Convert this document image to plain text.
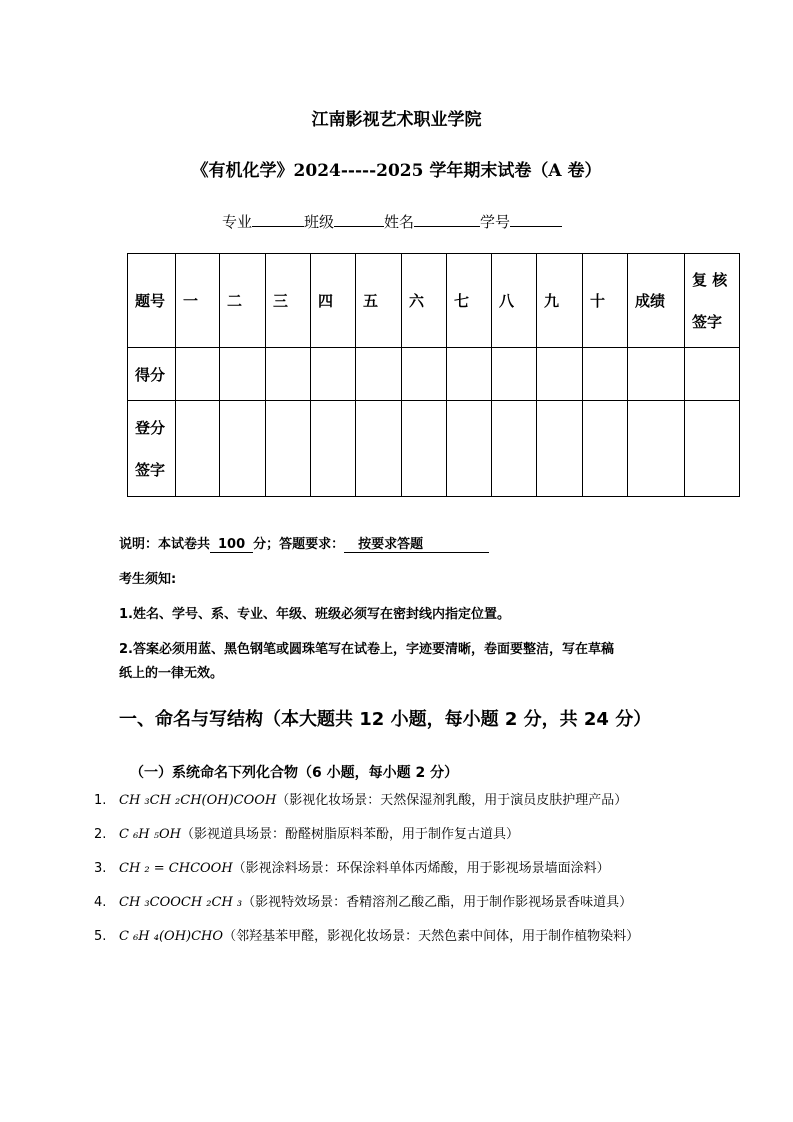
江南影视艺术职业学院
《有机化学》2024-----2025 学年期末试卷（A 卷）
专业	班级	姓名	学号
题号	一	二	三	四	五	六	七	八	九	十	成绩	复 核
签字

得分												

登分
签字												

说明：本试卷共 100 分；答题要求： 按要求答题
考生须知:
1.姓名、学号、系、专业、年级、班级必须写在密封线内指定位置。
2.答案必须用蓝、黑色钢笔或圆珠笔写在试卷上，字迹要清晰，卷面要整洁，写在草稿
纸上的一律无效。
一、命名与写结构（本大题共 12 小题，每小题 2 分，共 24 分）
（一）系统命名下列化合物（6 小题，每小题 2 分）
1. CH ₃CH ₂CH(OH)COOH（影视化妆场景：天然保湿剂乳酸，用于演员皮肤护理产品）
2. C ₆H ₅OH（影视道具场景：酚醛树脂原料苯酚，用于制作复古道具）
3. CH ₂ = CHCOOH（影视涂料场景：环保涂料单体丙烯酸，用于影视场景墙面涂料）
4. CH ₃COOCH ₂CH ₃（影视特效场景：香精溶剂乙酸乙酯，用于制作影视场景香味道具）
5. C ₆H ₄(OH)CHO（邻羟基苯甲醛，影视化妆场景：天然色素中间体，用于制作植物染料）
